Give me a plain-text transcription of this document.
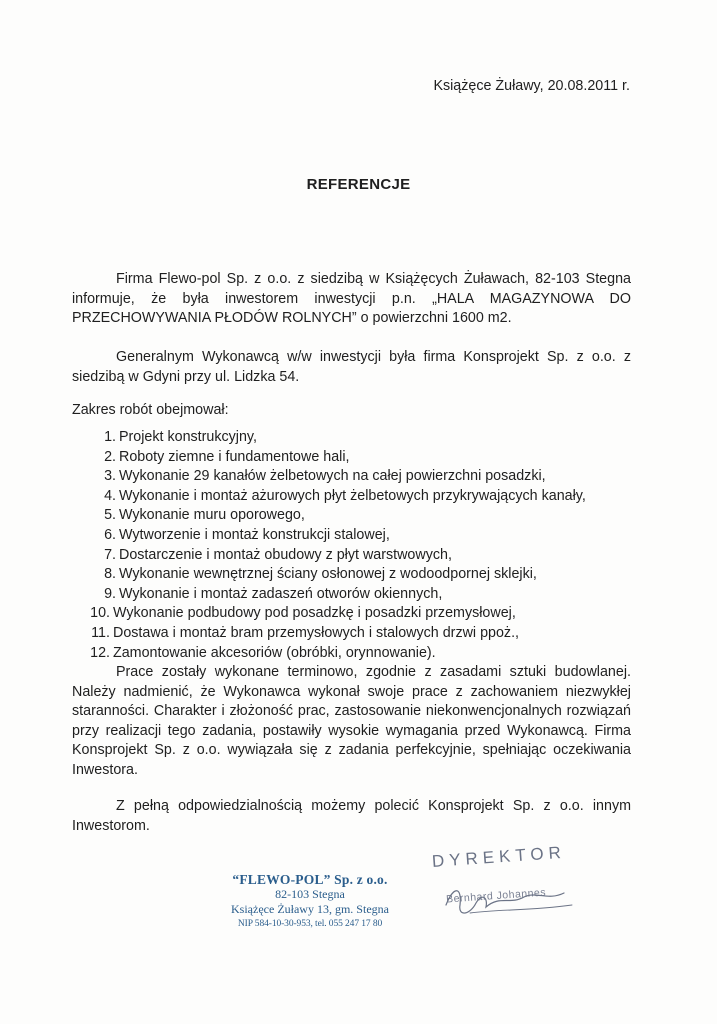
Książęce Żuławy, 20.08.2011 r.
REFERENCJE

Firma Flewo-pol Sp. z o.o. z siedzibą w Książęcych Żuławach, 82-103 Stegna informuje, że była inwestorem inwestycji p.n. „HALA MAGAZYNOWA DO PRZECHOWYWANIA PŁODÓW ROLNYCH” o powierzchni 1600 m2.

Generalnym Wykonawcą w/w inwestycji była firma Konsprojekt Sp. z o.o. z siedzibą w Gdyni przy ul. Lidzka 54.

Zakres robót obejmował:

1. Projekt konstrukcyjny,
2. Roboty ziemne i fundamentowe hali,
3. Wykonanie 29 kanałów żelbetowych na całej powierzchni posadzki,
4. Wykonanie i montaż ażurowych płyt żelbetowych przykrywających kanały,
5. Wykonanie muru oporowego,
6. Wytworzenie i montaż konstrukcji stalowej,
7. Dostarczenie i montaż obudowy z płyt warstwowych,
8. Wykonanie wewnętrznej ściany osłonowej z wodoodpornej sklejki,
9. Wykonanie i montaż zadaszeń otworów okiennych,
10. Wykonanie podbudowy pod posadzkę i posadzki przemysłowej,
11. Dostawa i montaż bram przemysłowych i stalowych drzwi ppoż.,
12. Zamontowanie akcesoriów (obróbki, orynnowanie).

Prace zostały wykonane terminowo, zgodnie z zasadami sztuki budowlanej. Należy nadmienić, że Wykonawca wykonał swoje prace z zachowaniem niezwykłej staranności. Charakter i złożoność prac, zastosowanie niekonwencjonalnych rozwiązań przy realizacji tego zadania, postawiły wysokie wymagania przed Wykonawcą. Firma Konsprojekt Sp. z o.o. wywiązała się z zadania perfekcyjnie, spełniając oczekiwania Inwestora.

Z pełną odpowiedzialnością możemy polecić Konsprojekt Sp. z o.o. innym Inwestorom.

“FLEWO-POL” Sp. z o.o.
82-103 Stegna
Książęce Żuławy 13, gm. Stegna
NIP 584-10-30-953, tel. 055 247 17 80
DYREKTOR
Bernhard Johannes
